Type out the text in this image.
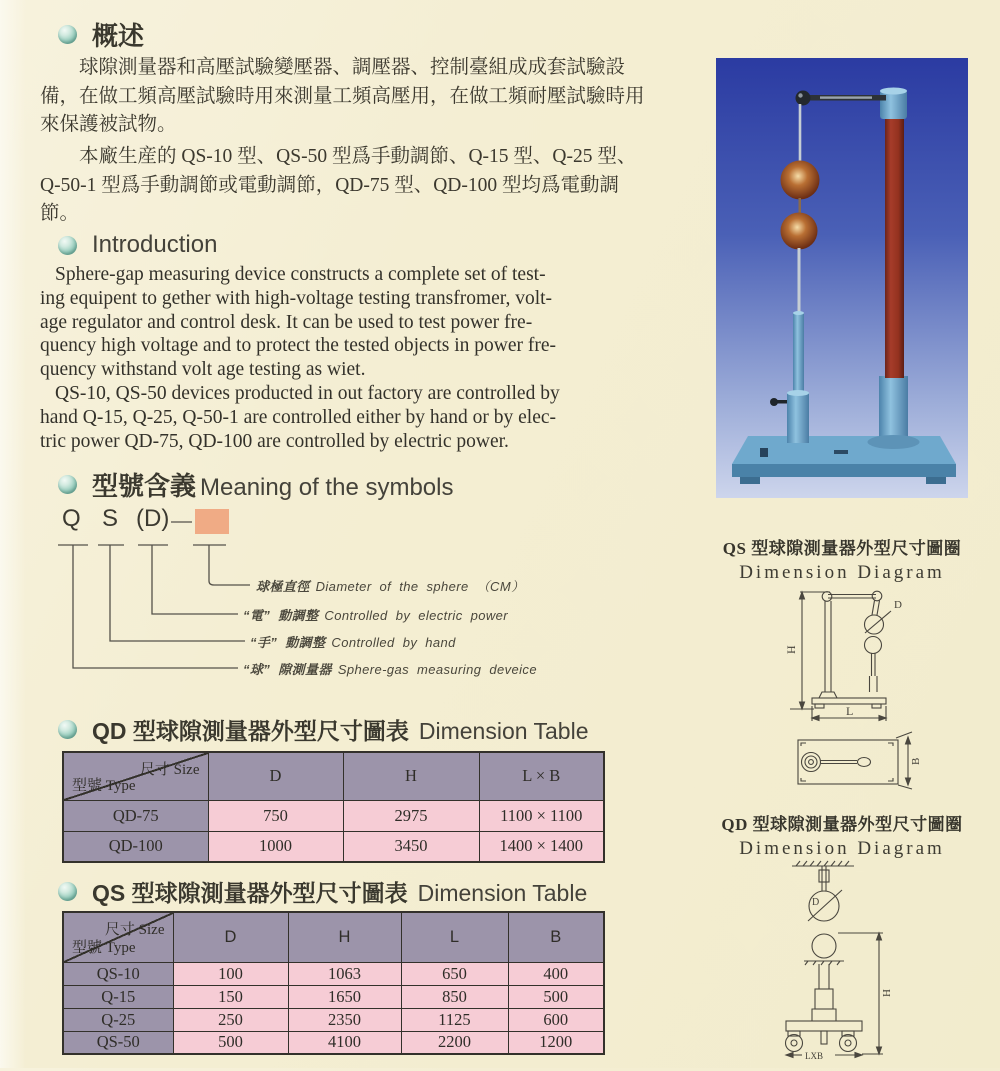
概述
球隙測量器和高壓試驗變壓器、調壓器、控制臺組成成套試驗設
備，在做工頻高壓試驗時用來測量工頻高壓用，在做工頻耐壓試驗時用
來保護被試物。
本廠生産的 QS-10 型、QS-50 型爲手動調節、Q-15 型、Q-25 型、
Q-50-1 型爲手動調節或電動調節，QD-75 型、QD-100 型均爲電動調
節。
Introduction
Sphere-gap measuring device constructs a complete set of test-
ing equipent to gether with high-voltage testing transfromer, volt-
age regulator and control desk. It can be used to test power fre-
quency high voltage and to protect the tested objects in power fre-
quency withstand volt age testing as wiet.
QS-10, QS-50 devices producted in out factory are controlled by
hand Q-15, Q-25, Q-50-1 are controlled either by hand or by elec-
tric power QD-75, QD-100 are controlled by electric power.
型號含義 Meaning of the symbols
Q S (D)
球極直徑 Diameter of the sphere （CM）
“電” 動調整 Controlled by electric power
“手” 動調整 Controlled by hand
“球” 隙測量器 Sphere-gas measuring deveice
QD 型球隙測量器外型尺寸圖表 Dimension Table
尺寸 Size
型號 Type	D	H	L × B
QD-75	750	2975	1100 × 1100
QD-100	1000	3450	1400 × 1400
QS 型球隙測量器外型尺寸圖表 Dimension Table
尺寸 Size
型號 Type	D	H	L	B
QS-10	100	1063	650	400
Q-15	150	1650	850	500
Q-25	250	2350	1125	600
QS-50	500	4100	2200	1200
QS 型球隙測量器外型尺寸圖圈
Dimension Diagram
H
L
D
B
QD 型球隙測量器外型尺寸圖圈
Dimension Diagram
D
H
LXB
